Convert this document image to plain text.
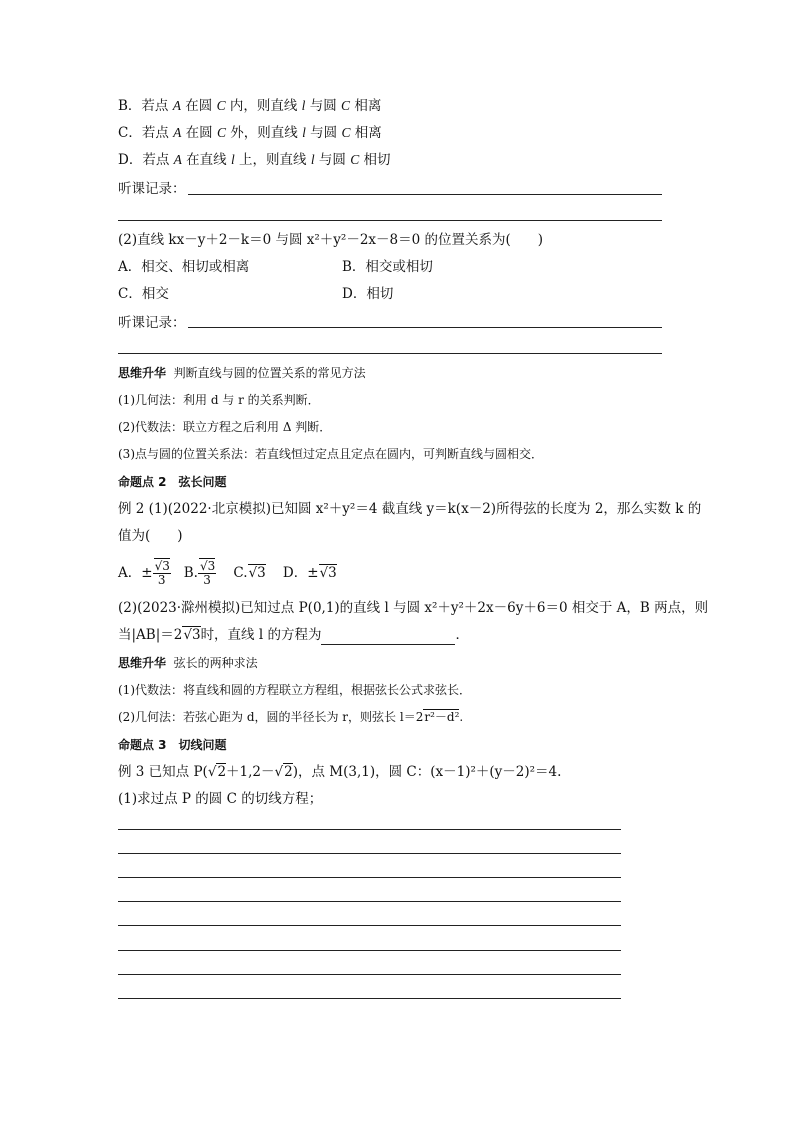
B．若点 A 在圆 C 内，则直线 l 与圆 C 相离
C．若点 A 在圆 C 外，则直线 l 与圆 C 相离
D．若点 A 在直线 l 上，则直线 l 与圆 C 相切
听课记录：
(2)直线 kx－y＋2－k＝0 与圆 x²＋y²－2x－8＝0 的位置关系为(　　)
A．相交、相切或相离	B．相交或相切
C．相交	D．相切
听课记录：
思维升华 判断直线与圆的位置关系的常见方法
(1)几何法：利用 d 与 r 的关系判断．
(2)代数法：联立方程之后利用 Δ 判断．
(3)点与圆的位置关系法：若直线恒过定点且定点在圆内，可判断直线与圆相交．
命题点 2　弦长问题
例 2 (1)(2022·北京模拟)已知圆 x²＋y²＝4 截直线 y＝k(x－2)所得弦的长度为 2，那么实数 k 的
值为(　　)
A．± $\frac{√3}{3} B$. $\frac{√3}{3} C.√3$ D．±√3
(2)(2023·滁州模拟)已知过点 P(0,1)的直线 l 与圆 x²＋y²＋2x－6y＋6＝0 相交于 A，B 两点，则
当|AB|＝2√3时，直线 l 的方程为	．
思维升华 弦长的两种求法
(1)代数法：将直线和圆的方程联立方程组，根据弦长公式求弦长．
(2)几何法：若弦心距为 d，圆的半径长为 r，则弦长 l＝2r²－d².
命题点 3　切线问题
例 3 已知点 P(√2＋1,2－√2)，点 M(3,1)，圆 C：(x－1)²＋(y－2)²＝4.
(1)求过点 P 的圆 C 的切线方程；
